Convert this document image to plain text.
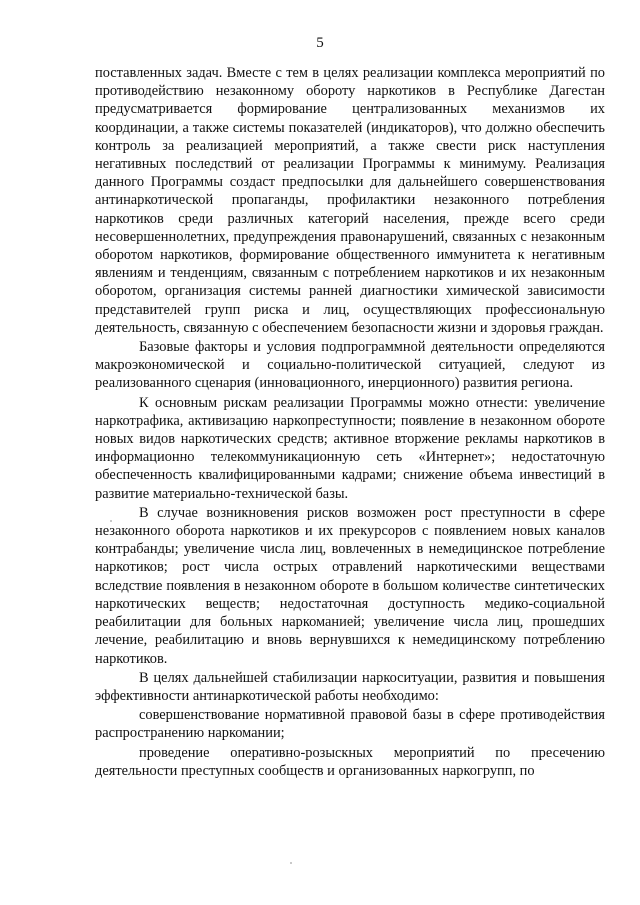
5

поставленных задач. Вместе с тем в целях реализации комплекса мероприятий по противодействию незаконному обороту наркотиков в Республике Дагестан предусматривается формирование централизованных механизмов их координации, а также системы показателей (индикаторов), что должно обеспечить контроль за реализацией мероприятий, а также свести риск наступления негативных последствий от реализации Программы к минимуму. Реализация данного Программы создаст предпосылки для дальнейшего совершенствования антинаркотической пропаганды, профилактики незаконного потребления наркотиков среди различных категорий населения, прежде всего среди несовершеннолетних, предупреждения правонарушений, связанных с незаконным оборотом наркотиков, формирование общественного иммунитета к негативным явлениям и тенденциям, связанным с потреблением наркотиков и их незаконным оборотом, организация системы ранней диагностики химической зависимости представителей групп риска и лиц, осуществляющих профессиональную деятельность, связанную с обеспечением безопасности жизни и здоровья граждан.

Базовые факторы и условия подпрограммной деятельности определяются макроэкономической и социально-политической ситуацией, следуют из реализованного сценария (инновационного, инерционного) развития региона.

К основным рискам реализации Программы можно отнести: увеличение наркотрафика, активизацию наркопреступности; появление в незаконном обороте новых видов наркотических средств; активное вторжение рекламы наркотиков в информационно телекоммуникационную сеть «Интернет»; недостаточную обеспеченность квалифицированными кадрами; снижение объема инвестиций в развитие материально-технической базы.

В случае возникновения рисков возможен рост преступности в сфере незаконного оборота наркотиков и их прекурсоров с появлением новых каналов контрабанды; увеличение числа лиц, вовлеченных в немедицинское потребление наркотиков; рост числа острых отравлений наркотическими веществами вследствие появления в незаконном обороте в большом количестве синтетических наркотических веществ; недостаточная доступность медико-социальной реабилитации для больных наркоманией; увеличение числа лиц, прошедших лечение, реабилитацию и вновь вернувшихся к немедицинскому потреблению наркотиков.

В целях дальнейшей стабилизации наркоситуации, развития и повышения эффективности антинаркотической работы необходимо:

совершенствование нормативной правовой базы в сфере противодействия распространению наркомании;

проведение оперативно-розыскных мероприятий по пресечению деятельности преступных сообществ и организованных наркогрупп, по
